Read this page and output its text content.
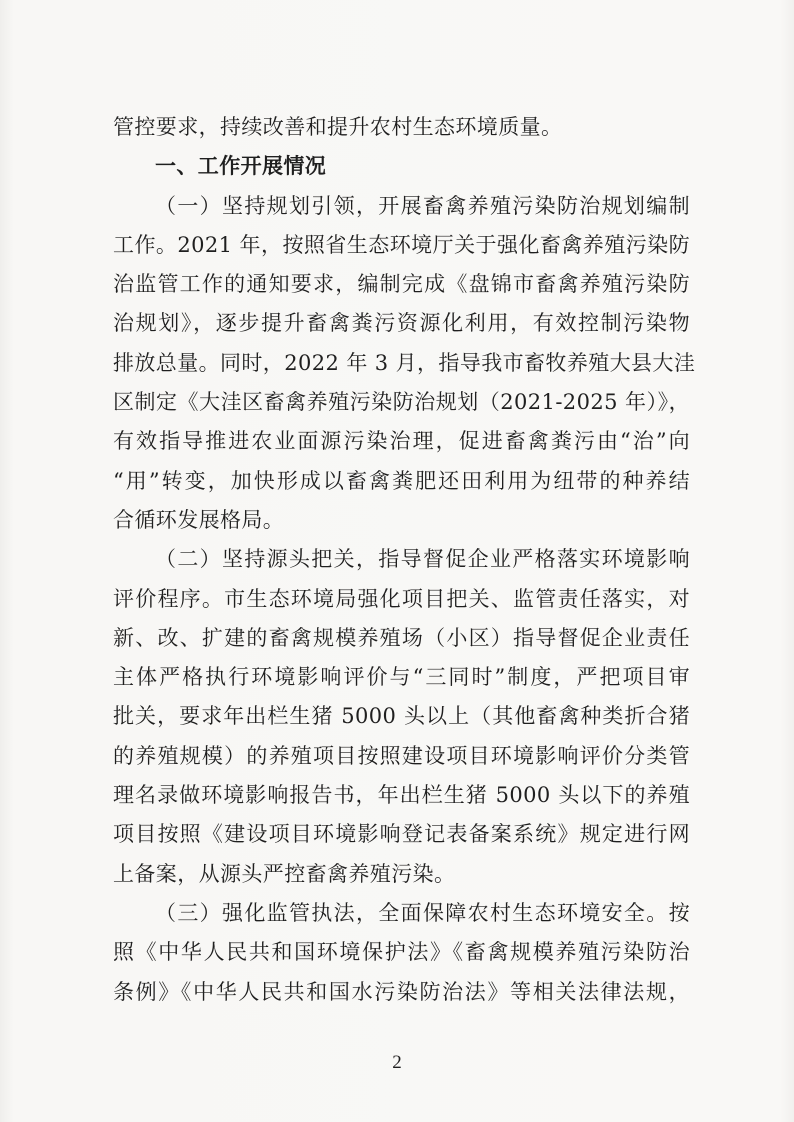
管控要求，持续改善和提升农村生态环境质量。
一、工作开展情况
（一）坚持规划引领，开展畜禽养殖污染防治规划编制
工作。2021 年，按照省生态环境厅关于强化畜禽养殖污染防
治监管工作的通知要求，编制完成《盘锦市畜禽养殖污染防
治规划》，逐步提升畜禽粪污资源化利用，有效控制污染物
排放总量。同时，2022 年 3 月，指导我市畜牧养殖大县大洼
区制定《大洼区畜禽养殖污染防治规划（2021-2025 年）》，
有效指导推进农业面源污染治理，促进畜禽粪污由“治”向
“用”转变，加快形成以畜禽粪肥还田利用为纽带的种养结
合循环发展格局。
（二）坚持源头把关，指导督促企业严格落实环境影响
评价程序。市生态环境局强化项目把关、监管责任落实，对
新、改、扩建的畜禽规模养殖场（小区）指导督促企业责任
主体严格执行环境影响评价与“三同时”制度，严把项目审
批关，要求年出栏生猪 5000 头以上（其他畜禽种类折合猪
的养殖规模）的养殖项目按照建设项目环境影响评价分类管
理名录做环境影响报告书，年出栏生猪 5000 头以下的养殖
项目按照《建设项目环境影响登记表备案系统》规定进行网
上备案，从源头严控畜禽养殖污染。
（三）强化监管执法，全面保障农村生态环境安全。按
照《中华人民共和国环境保护法》《畜禽规模养殖污染防治
条例》《中华人民共和国水污染防治法》等相关法律法规，
2
